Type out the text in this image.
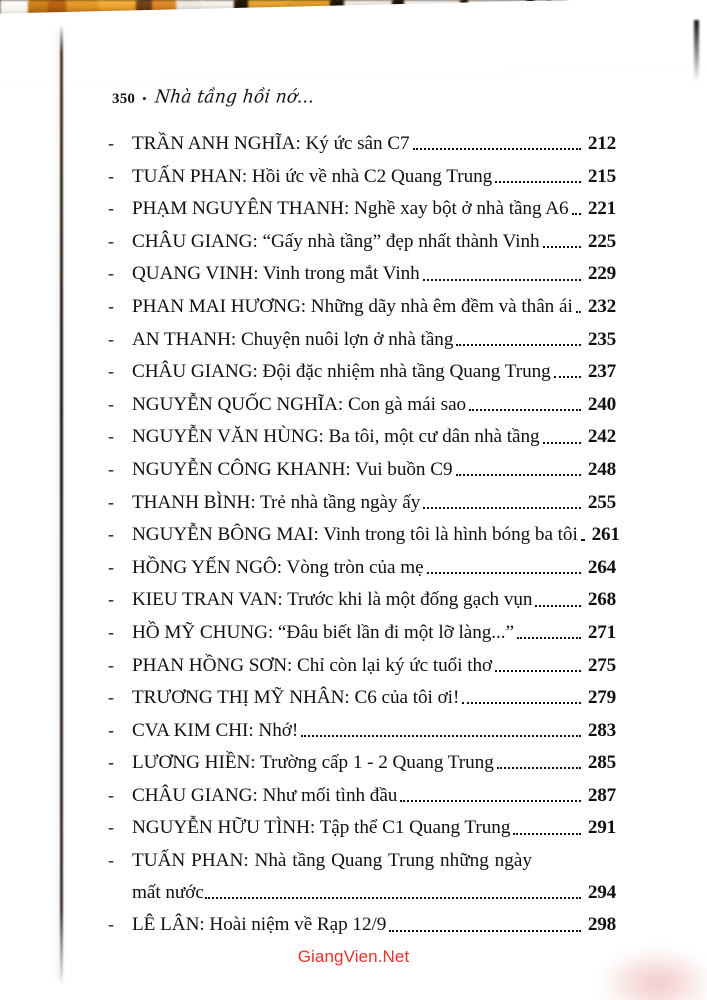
350 • Nhà tầng hồi nớ...
- TRẦN ANH NGHĨA: Ký ức sân C7	212
- TUẤN PHAN: Hồi ức về nhà C2 Quang Trung	215
- PHẠM NGUYÊN THANH: Nghề xay bột ở nhà tầng A6	221
- CHÂU GIANG: “Gấy nhà tầng” đẹp nhất thành Vinh	225
- QUANG VINH: Vinh trong mắt Vinh	229
- PHAN MAI HƯƠNG: Những dãy nhà êm đềm và thân ái 232
- AN THANH: Chuyện nuôi lợn ở nhà tầng	235
- CHÂU GIANG: Đội đặc nhiệm nhà tầng Quang Trung	237
- NGUYỄN QUỐC NGHĨA: Con gà mái sao	240
- NGUYỄN VĂN HÙNG: Ba tôi, một cư dân nhà tầng	242
- NGUYỄN CÔNG KHANH: Vui buồn C9	248
- THANH BÌNH: Trẻ nhà tầng ngày ấy	255
- NGUYỄN BÔNG MAI: Vinh trong tôi là hình bóng ba tôi 261
- HỒNG YẾN NGÔ: Vòng tròn của mẹ	264
- KIEU TRAN VAN: Trước khi là một đống gạch vụn	268
- HỒ MỸ CHUNG: “Đâu biết lần đi một lỡ làng...”	271
- PHAN HỒNG SƠN: Chỉ còn lại ký ức tuổi thơ	275
- TRƯƠNG THỊ MỸ NHÂN: C6 của tôi ơi!	279
- CVA KIM CHI: Nhớ!	283
- LƯƠNG HIỀN: Trường cấp 1 - 2 Quang Trung	285
- CHÂU GIANG: Như mối tình đầu	287
- NGUYỄN HỮU TÌNH: Tập thể C1 Quang Trung	291
- TUẤN PHAN: Nhà tầng Quang Trung những ngày
mất nước	294
- LÊ LÂN: Hoài niệm về Rạp 12/9	298
GiangVien.Net
